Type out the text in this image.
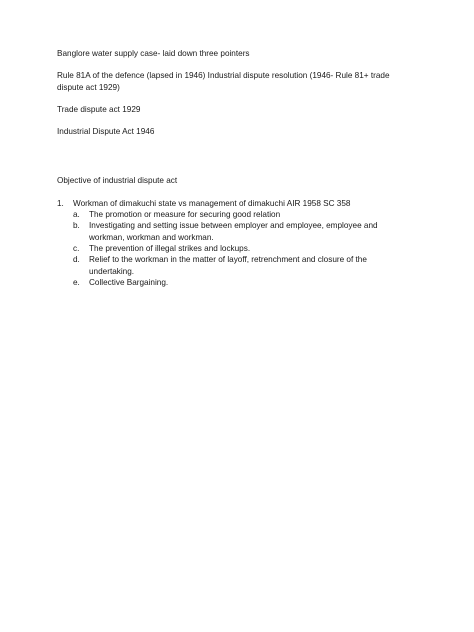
Banglore water supply case- laid down three pointers

Rule 81A of the defence (lapsed in 1946) Industrial dispute resolution (1946- Rule 81+ trade dispute act 1929)

Trade dispute act 1929

Industrial Dispute Act 1946

Objective of industrial dispute act

1. Workman of dimakuchi state vs management of dimakuchi AIR 1958 SC 358
a. The promotion or measure for securing good relation
b. Investigating and setting issue between employer and employee, employee and workman, workman and workman.
c. The prevention of illegal strikes and lockups.
d. Relief to the workman in the matter of layoff, retrenchment and closure of the undertaking.
e. Collective Bargaining.
